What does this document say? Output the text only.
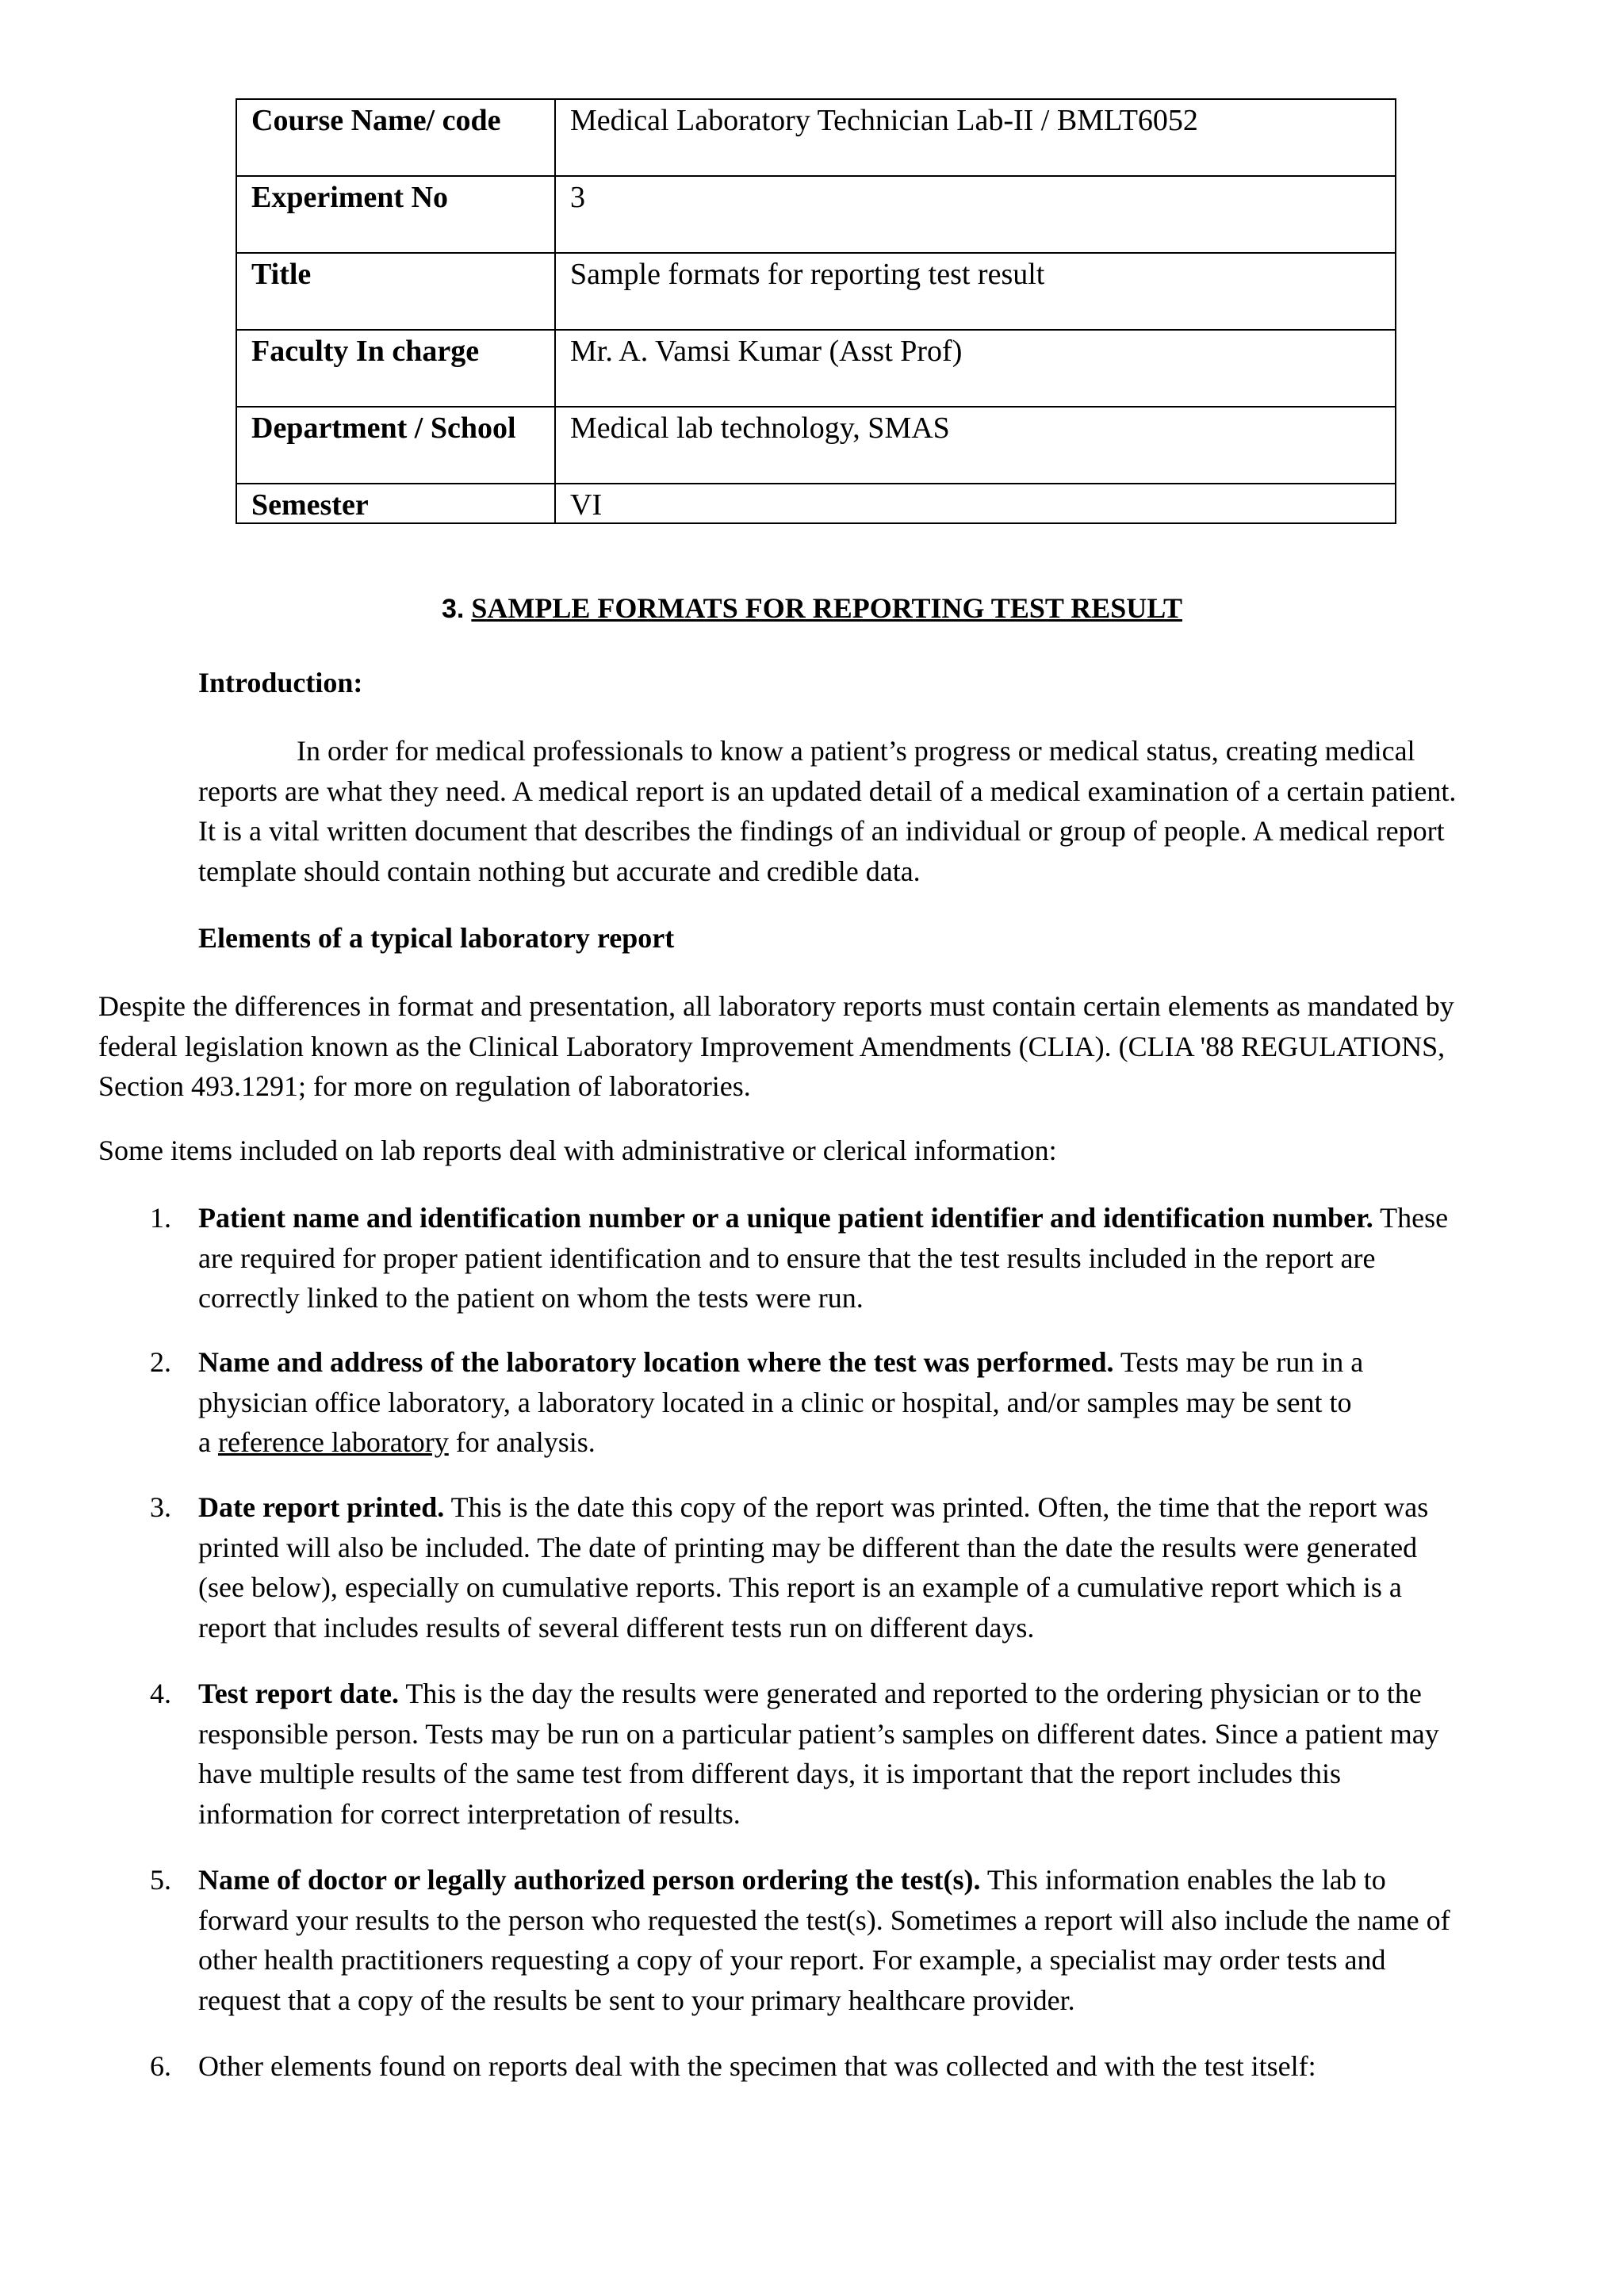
Course Name/ code	Medical Laboratory Technician Lab-II / BMLT6052
Experiment No	3
Title	Sample formats for reporting test result
Faculty In charge	Mr. A. Vamsi Kumar (Asst Prof)
Department / School	Medical lab technology, SMAS
Semester	VI
3. SAMPLE FORMATS FOR REPORTING TEST RESULT
Introduction:
In order for medical professionals to know a patient’s progress or medical status, creating medical
reports are what they need. A medical report is an updated detail of a medical examination of a certain patient.
It is a vital written document that describes the findings of an individual or group of people. A medical report
template should contain nothing but accurate and credible data.
Elements of a typical laboratory report
Despite the differences in format and presentation, all laboratory reports must contain certain elements as mandated by
federal legislation known as the Clinical Laboratory Improvement Amendments (CLIA). (CLIA '88 REGULATIONS,
Section 493.1291; for more on regulation of laboratories.
Some items included on lab reports deal with administrative or clerical information:
1. Patient name and identification number or a unique patient identifier and identification number. These
are required for proper patient identification and to ensure that the test results included in the report are
correctly linked to the patient on whom the tests were run.
2. Name and address of the laboratory location where the test was performed. Tests may be run in a
physician office laboratory, a laboratory located in a clinic or hospital, and/or samples may be sent to
a reference laboratory for analysis.
3. Date report printed. This is the date this copy of the report was printed. Often, the time that the report was
printed will also be included. The date of printing may be different than the date the results were generated
(see below), especially on cumulative reports. This report is an example of a cumulative report which is a
report that includes results of several different tests run on different days.
4. Test report date. This is the day the results were generated and reported to the ordering physician or to the
responsible person. Tests may be run on a particular patient’s samples on different dates. Since a patient may
have multiple results of the same test from different days, it is important that the report includes this
information for correct interpretation of results.
5. Name of doctor or legally authorized person ordering the test(s). This information enables the lab to
forward your results to the person who requested the test(s). Sometimes a report will also include the name of
other health practitioners requesting a copy of your report. For example, a specialist may order tests and
request that a copy of the results be sent to your primary healthcare provider.
6. Other elements found on reports deal with the specimen that was collected and with the test itself:
